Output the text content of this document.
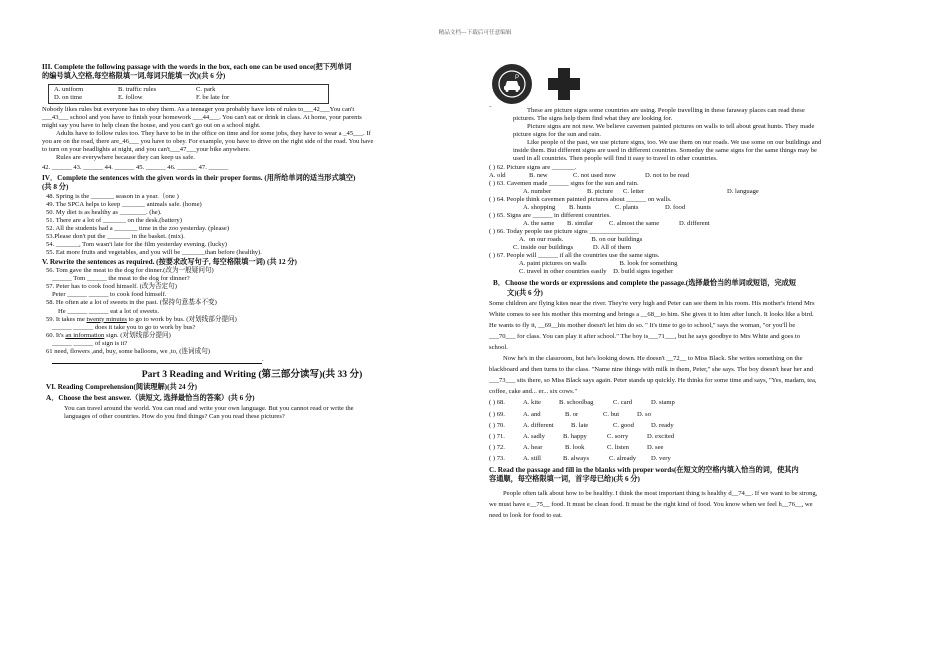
精品文档---下载后可任意编辑
III. Complete the following passage with the words in the box, each one can be used once(把下列单词
的编号填入空格,每空格限填一词,每词只能填一次)(共 6 分)
A. uniform	B. traffic rules	C. park
D. on time	E. follow	F. be late for
Nobody likes rules but everyone has to obey them. As a teenager you probably have lots of rules to___42___You can't
___43___ school and you have to finish your homework ___44___. You can't eat or drink in class. At home, your parents
might say you have to help clean the house, and you can't go out on a school night.
Adults have to follow rules too. They have to be in the office on time and for some jobs, they have to wear a _45___. If
you are on the road, there are_46___ you have to obey. For example, you have to drive on the right side of the road. You have
to turn on your headlights at night, and you can't___47___your bike anywhere.
Rules are everywhere because they can keep us safe.
42. ______ 43. ______ 44. ______ 45. ______ 46. ______ 47. ______
IV．Complete the sentences with the given words in their proper forms. (用所给单词的适当形式填空)
(共 8 分)
48. Spring is the _______ season in a year.（one )
49. The SPCA helps to keep _______ animals safe. (home)
50. My diet is as healthy as ________. (he).
51. There are a lot of _______ on the desk.(battery)
52. All the students had a _______ time in the zoo yesterday. (please)
53.Please don't put the _______ in the basket. (mix).
54. _______, Tom wasn't late for the film yesterday evening. (lucky)
55. Eat more fruits and vegetables, and you will be _______than before (healthy).
V. Rewrite the sentences as required. (按要求改写句子, 每空格限填一词) (共 12 分)
56. Tom gave the meat to the dog for dinner.(改为一般疑问句)
______ Tom ______ the meat to the dog for dinner?
57. Peter has to cook food himself. (改为否定句)
Peter ______ ______ to cook food himself.
58. He often ate a lot of sweets in the past. (保持句意基本不变)
He ______ ______ eat a lot of sweets.
59. It takes me twenty minutes to go to work by bus. (对划线部分提问)
______ ______ does it take you to go to work by bus?
60. It's an information sign. (对划线部分提问)
______ ______ of sign is it?
61 need, flowers ,and, buy, some balloons, we ,to, (连词成句)
.
Part 3 Reading and Writing (第三部分读写)(共 33 分)
VI. Reading Comprehension(阅读理解)(共 24 分)
A．Choose the best answer.（读短文, 选择最恰当的答案）(共 6 分)
You can travel around the world. You can read and write your own language. But you cannot read or write the
languages of other countries. How do you find things? Can you read these pictures?
P
–	These are picture signs some countries are using. People travelling in these faraway places can read these
pictures. The signs help them find what they are looking for.
Picture signs are not new. We believe cavemen painted pictures on walls to tell about great hunts. They made
picture signs for the sun and rain.
Like people of the past, we use picture signs, too. We use them on our roads. We use some on our buildings and
inside them. But different signs are used in different countries. Someday the same signs for the same things may be
used in all countries. Then people will find it easy to travel in other countries.
( ) 62. Picture signs are _______.
A. old	B. new	C. not used now	D. not to be read
( ) 63. Cavemen made ______ signs for the sun and rain.
A. number	B. picture	C. letter	D. language
( ) 64. People think cavemen painted pictures about ______ on walls.
A. shopping	B. hunts	C. plants	D. food
( ) 65. Signs are ______ in different countries.
A. the same	B. similar	C. almost the same	D. different
( ) 66. Today people use picture signs _______________
A.  on our roads.                 B. on our buildings
C. inside our buildings            D. All of them
( ) 67. People will ______ if all the countries use the same signs.
A. paint pictures on walls                    B. look for something
C. travel in other countries easily    D. build signs together
B．Choose the words or expressions and complete the passage.(选择最恰当的单词或短语，完成短
文)(共 6 分)
Some children are flying kites near the river. They're very high and Peter can see them in his room. His mother's friend Mrs
White comes to see his mother this morning and brings a __68__to him. She gives it to him after lunch. It looks like a bird.
He wants to fly it, __69__his mother doesn't let him do so. " It's time to go to school," says the woman, "or you'll be
___70___ for class. You can play it after school." The boy is___71___, but he says goodbye to Mrs White and goes to
school.
Now he's in the classroom, but he's looking down. He doesn't __72__ to Miss Black. She writes something on the
blackboard and then turns to the class. "Name nine things with milk in them, Peter," she says. The boy doesn't hear her and
___73___ sits there, so Miss Black says again. Peter stands up quickly. He thinks for some time and says, "Yes, madam, tea,
coffee, cake and... er... six cows."
( ) 68.	A. kite	B. schoolbag	C. card	D. stamp
( ) 69.	A. and	B. or	C. but	D. so
( ) 70.	A. different	B. late	C. good	D. ready
( ) 71.	A. sadly	B. happy	C. sorry	D. excited
( ) 72.	A. hear	B. look	C. listen	D. see
( ) 73.	A. still	B. always	C. already	D. very
C. Read the passage and fill in the blanks with proper words(在短文的空格内填入恰当的词，使其内
容通顺，每空格限填一词，首字母已给)(共 6 分)
People often talk about how to be healthy. I think the most important thing is healthy d__74__. If we want to be strong,
we must have e__75__ food. It must be clean food. It must be the right kind of food. You know when we feel h__76__, we
need to look for food to eat.
